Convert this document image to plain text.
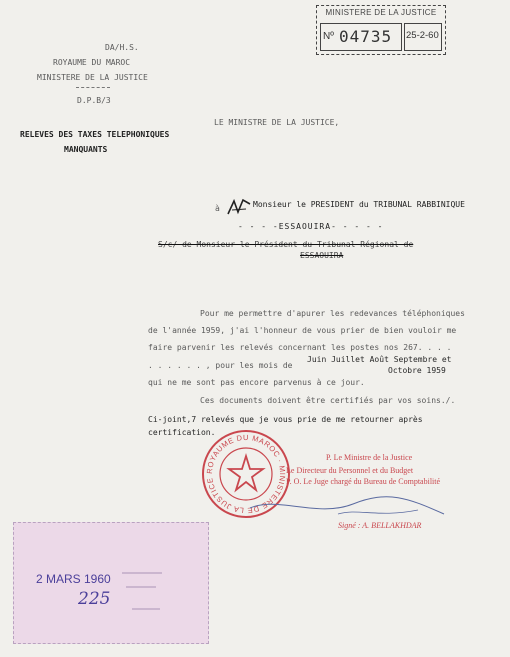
DA/H.S.
ROYAUME DU MAROC
MINISTERE DE LA JUSTICE
D.P.B/3
RELEVES DES TAXES TELEPHONIQUES
MANQUANTS
LE MINISTRE DE LA JUSTICE,
MINISTERE DE LA JUSTICE
Nº 04735 25-2-60
à	Monsieur le PRESIDENT du TRIBUNAL RABBINIQUE
- - - -ESSAOUIRA- - - - -
S/c/ de Monsieur le Président du Tribunal Régional de
ESSAOUIRA
Pour me permettre d'apurer les redevances téléphoniques
de l'année 1959, j'ai l'honneur de vous prier de bien vouloir me
faire parvenir les relevés concernant les postes nos 267. . . .
. . . . . . , pour les mois de
Juin Juillet Août Septembre et
Octobre 1959
qui ne me sont pas encore parvenus à ce jour.
Ces documents doivent être certifiés par vos soins./.
Ci-joint,7 relevés que je vous prie de me retourner après
certification.
ROYAUME DU MAROC · MINISTERE DE LA JUSTICE
P. Le Ministre de la Justice
Le Directeur du Personnel et du Budget
P. O. Le Juge chargé du Bureau de Comptabilité
Signé : A. BELLAKHDAR
2 MARS 1960
225
